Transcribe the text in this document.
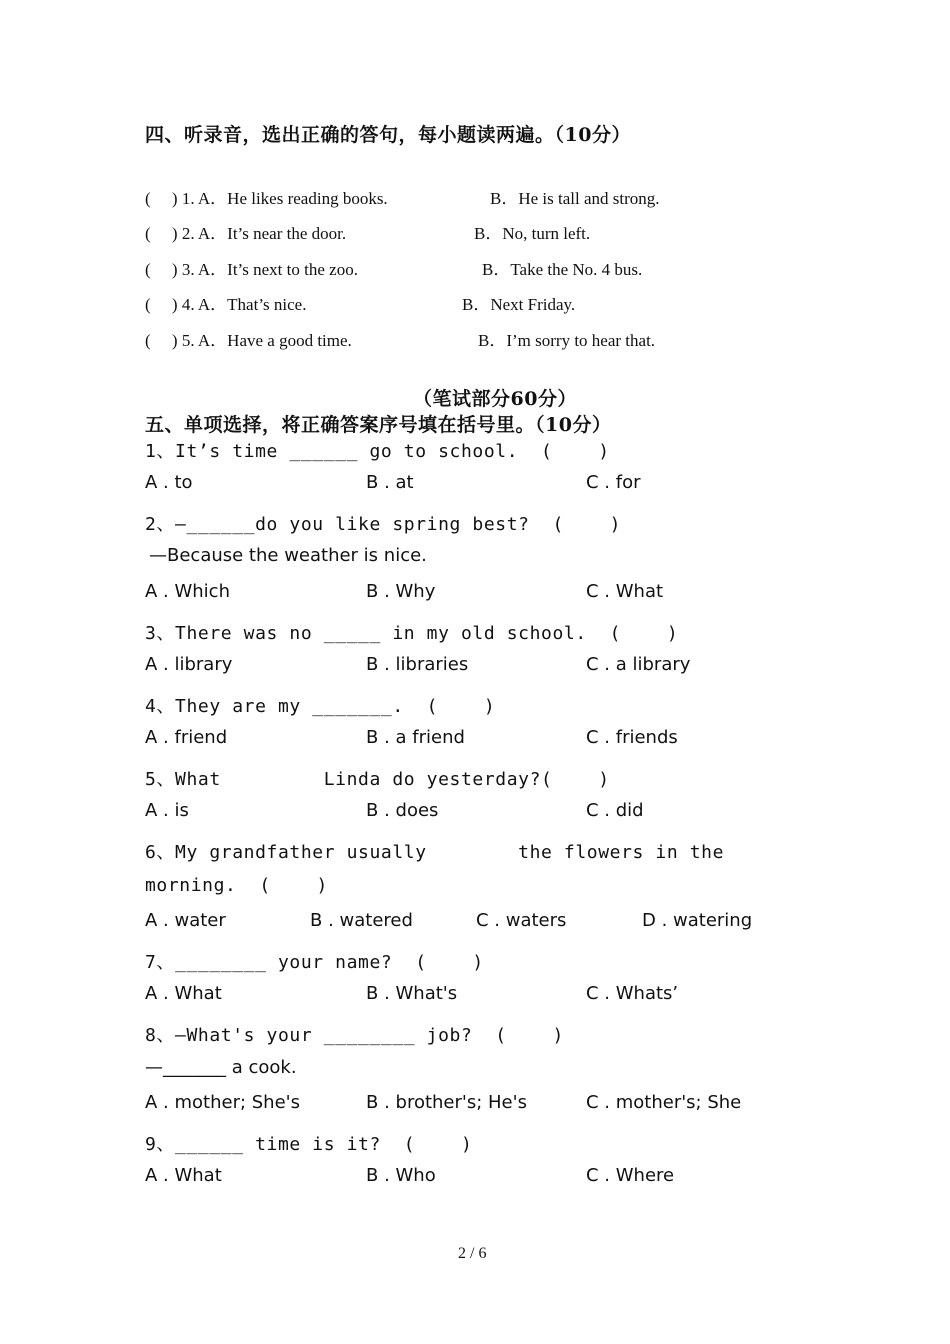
四、听录音，选出正确的答句，每小题读两遍。（10分）
(     ) 1. A．He likes reading books.	B．He is tall and strong.
(     ) 2. A．It’s near the door.	B．No, turn left.
(     ) 3. A．It’s next to the zoo.	B．Take the No. 4 bus.
(     ) 4. A．That’s nice.	B．Next Friday.
(     ) 5. A．Have a good time.	B．I’m sorry to hear that.
（笔试部分60分）
五、单项选择，将正确答案序号填在括号里。（10分）
1、It’s time ______ go to school.  (    )
A . to	B . at	C . for
2、—______do you like spring best?  (    )
—Because the weather is nice.
A . Which	B . Why	C . What
3、There was no _____ in my old school.  (    )
A . library	B . libraries	C . a library
4、They are my _______.  (    )
A . friend	B . a friend	C . friends
5、What         Linda do yesterday?(    )
A . is	B . does	C . did
6、My grandfather usually        the flowers in the
morning.  (    )
A . water	B . watered	C . waters	D . watering
7、________ your name?  (    )
A . What	B . What's	C . Whats’
8、—What's your ________ job?  (    )
—_______ a cook.
A . mother; She's	B . brother's; He's	C . mother's; She
9、______ time is it?  (    )
A . What	B . Who	C . Where
2 / 6
